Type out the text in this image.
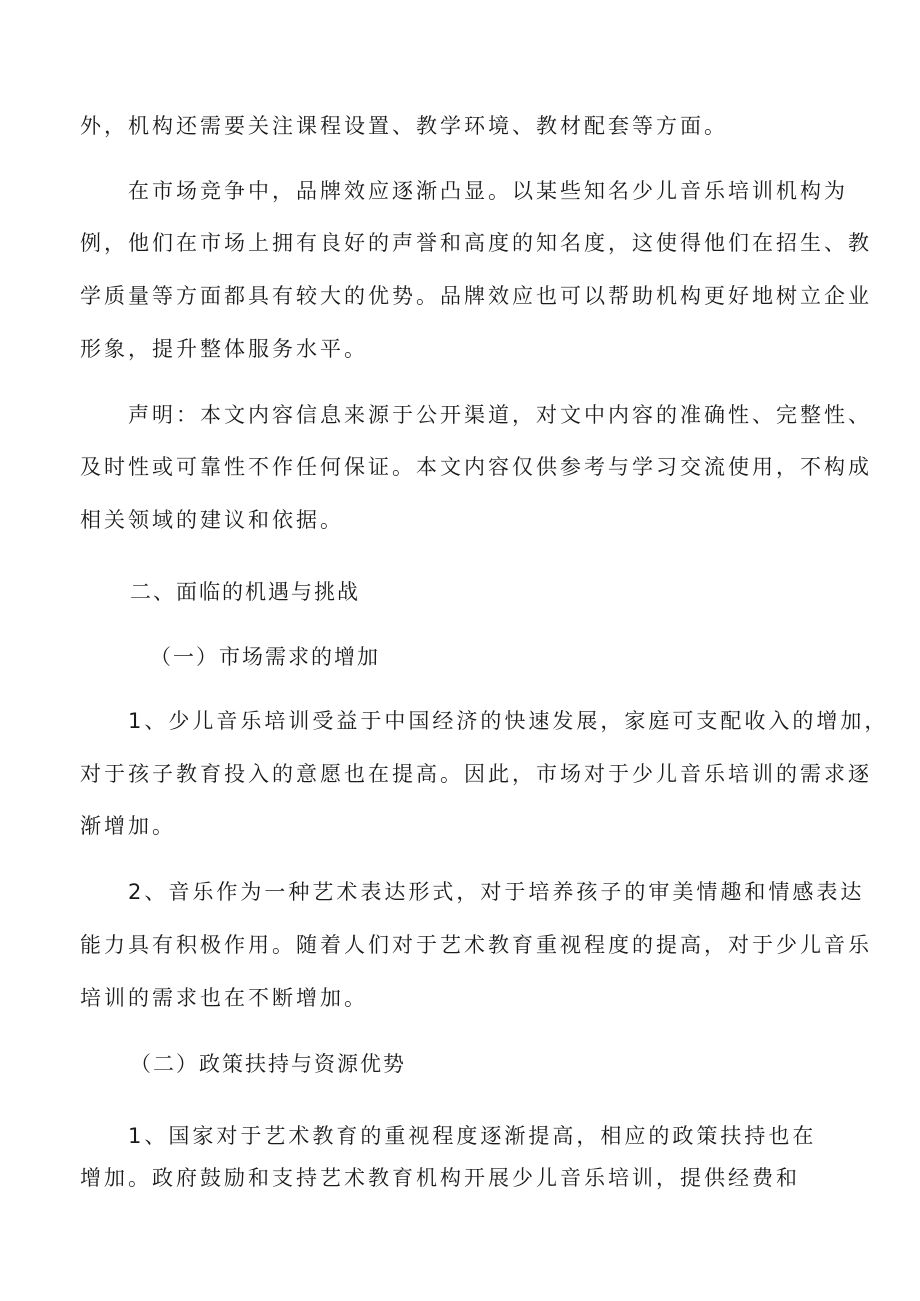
外，机构还需要关注课程设置、教学环境、教材配套等方面。
在市场竞争中，品牌效应逐渐凸显。以某些知名少儿音乐培训机构为
例，他们在市场上拥有良好的声誉和高度的知名度，这使得他们在招生、教
学质量等方面都具有较大的优势。品牌效应也可以帮助机构更好地树立企业
形象，提升整体服务水平。
声明：本文内容信息来源于公开渠道，对文中内容的准确性、完整性、
及时性或可靠性不作任何保证。本文内容仅供参考与学习交流使用，不构成
相关领域的建议和依据。
二、面临的机遇与挑战
（一）市场需求的增加
1、少儿音乐培训受益于中国经济的快速发展，家庭可支配收入的增加，
对于孩子教育投入的意愿也在提高。因此，市场对于少儿音乐培训的需求逐
渐增加。
2、音乐作为一种艺术表达形式，对于培养孩子的审美情趣和情感表达
能力具有积极作用。随着人们对于艺术教育重视程度的提高，对于少儿音乐
培训的需求也在不断增加。
（二）政策扶持与资源优势
1、国家对于艺术教育的重视程度逐渐提高，相应的政策扶持也在
增加。政府鼓励和支持艺术教育机构开展少儿音乐培训，提供经费和
